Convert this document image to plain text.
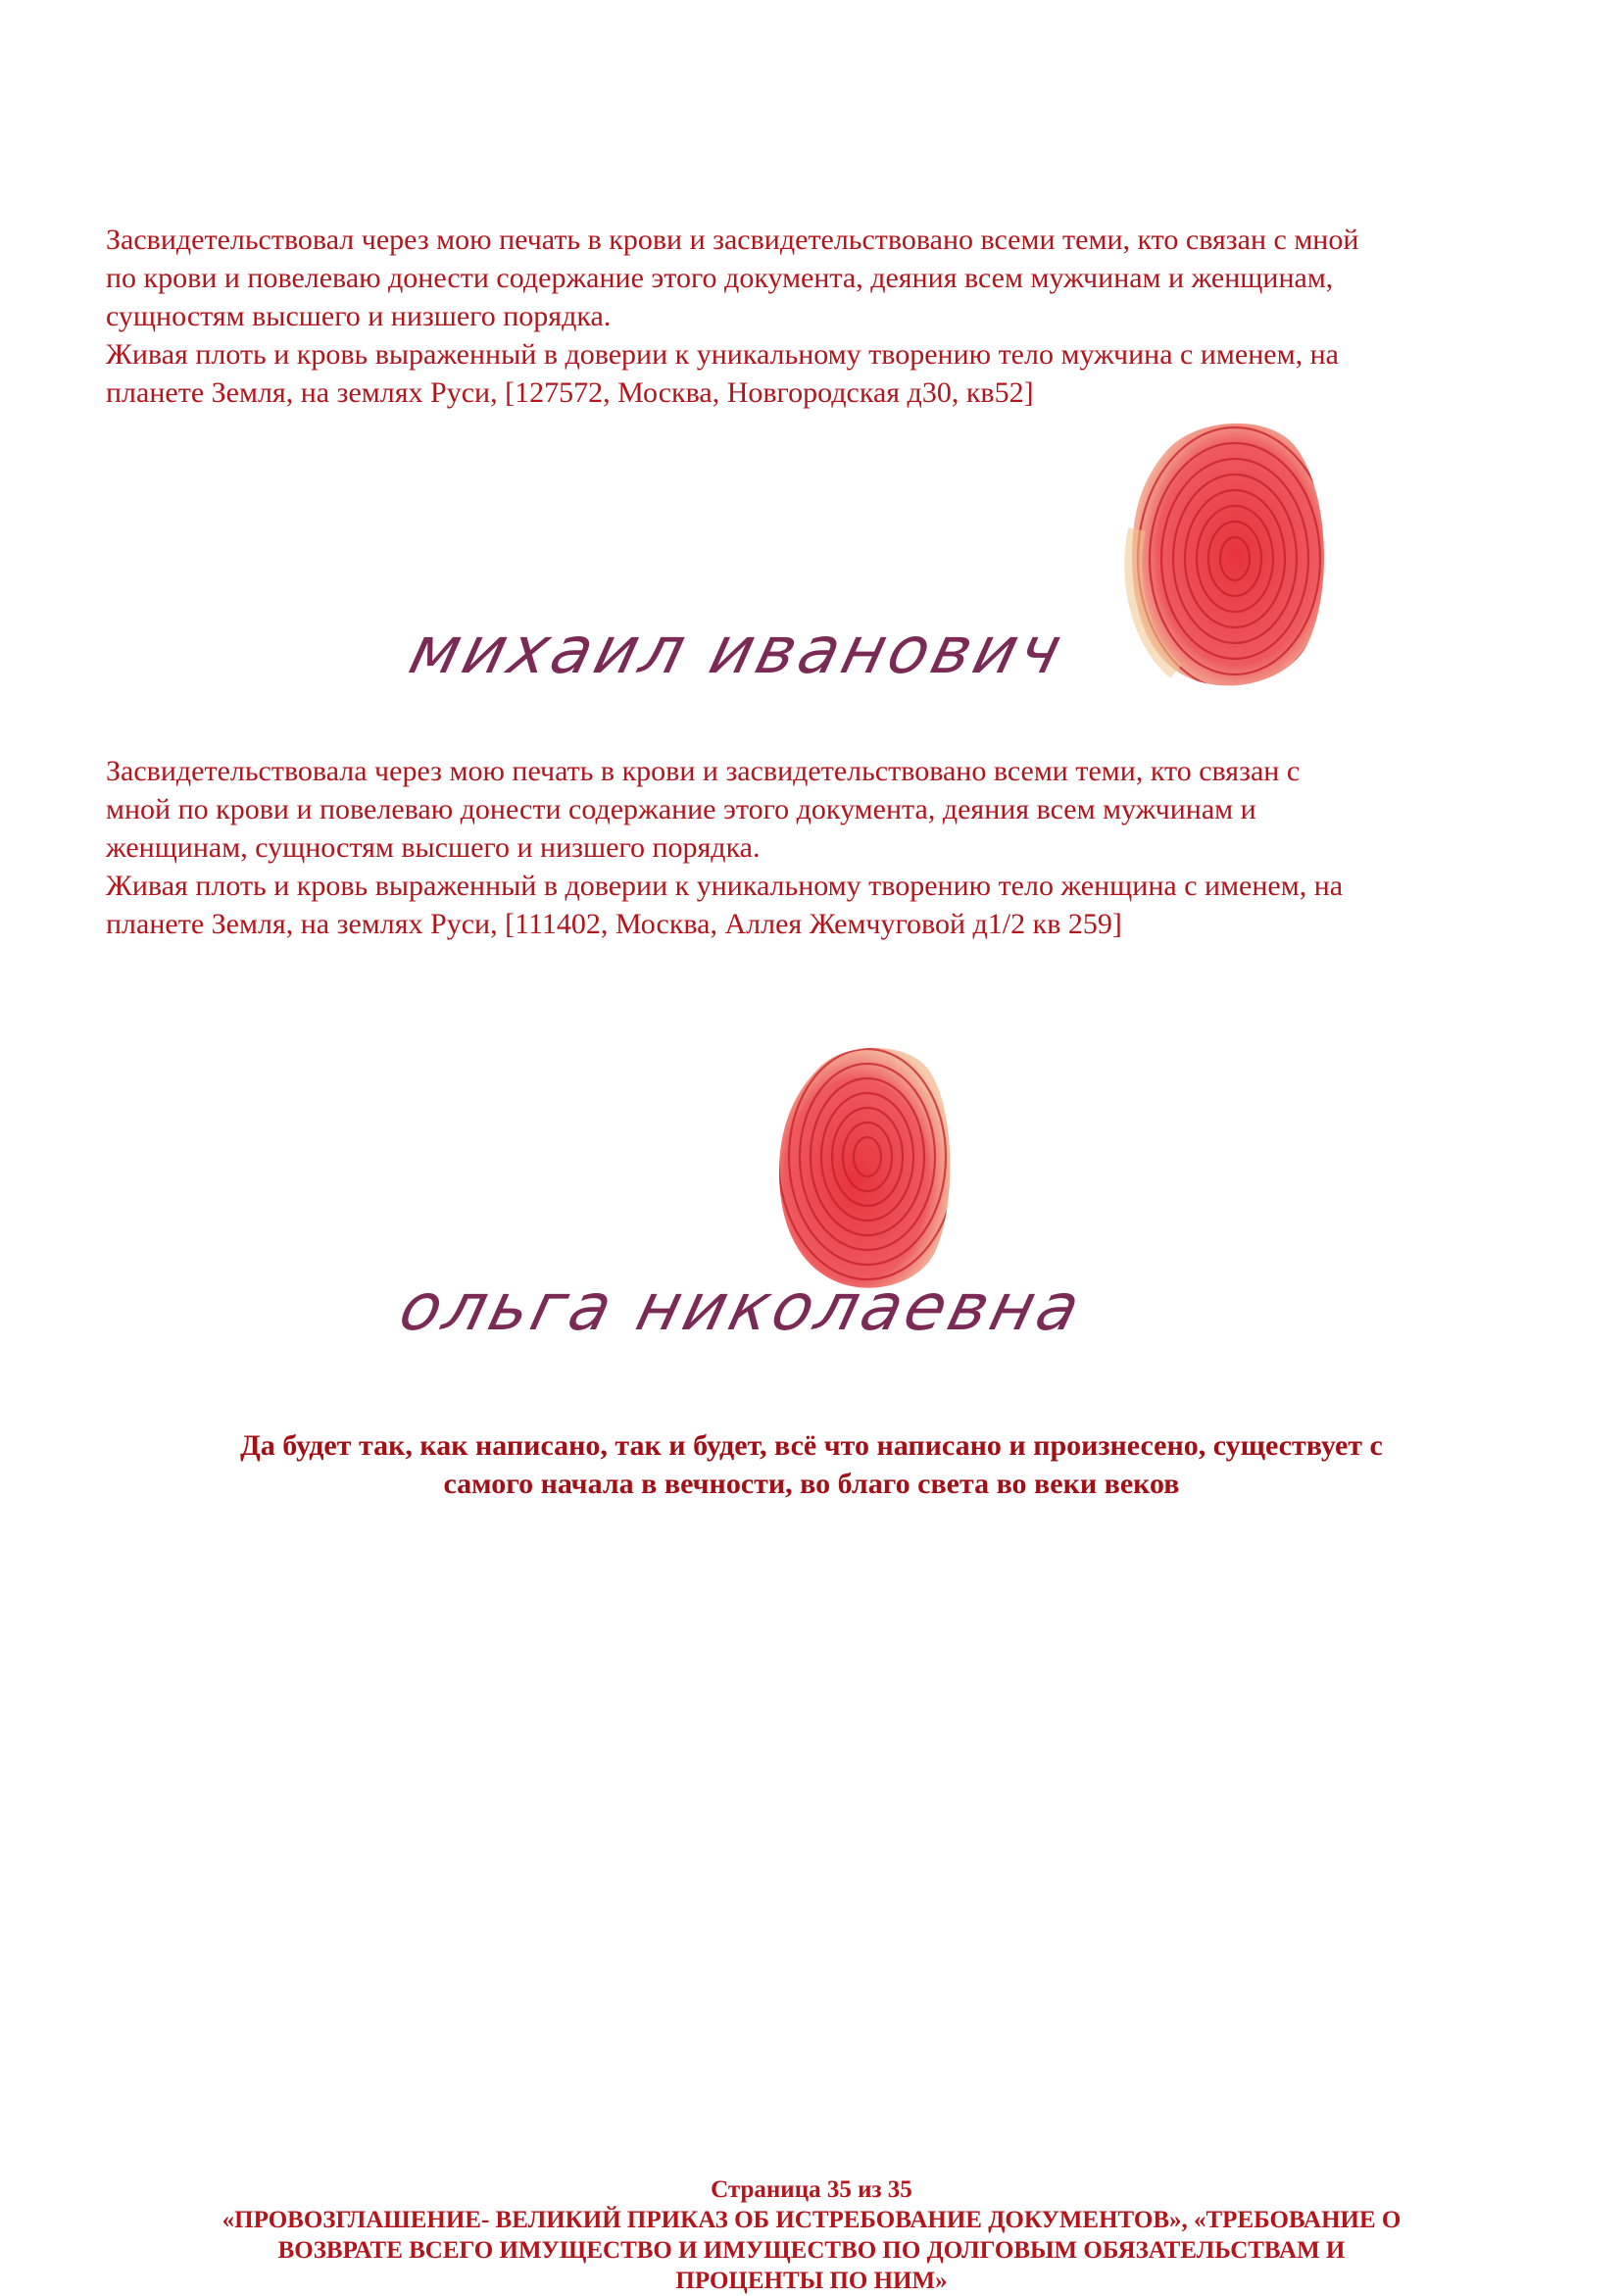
Засвидетельствовал через мою печать в крови и засвидетельствовано всеми теми, кто связан с мной

по крови и повелеваю донести содержание этого документа, деяния всем мужчинам и женщинам,

сущностям высшего и низшего порядка.

Живая плоть и кровь выраженный в доверии к уникальному творению тело мужчина с именем, на

планете Земля, на землях Руси, [127572, Москва, Новгородская д30, кв52]

михаил иванович

Засвидетельствовала через мою печать в крови и засвидетельствовано всеми теми, кто связан с

мной по крови и повелеваю донести содержание этого документа, деяния всем мужчинам и

женщинам, сущностям высшего и низшего порядка.

Живая плоть и кровь выраженный в доверии к уникальному творению тело женщина с именем, на

планете Земля, на землях Руси, [111402, Москва, Аллея Жемчуговой д1/2 кв 259]

ольга николаевна

Да будет так, как написано, так и будет, всё что написано и произнесено, существует с

самого начала в вечности, во благо света во веки веков

Страница 35 из 35

«ПРОВОЗГЛАШЕНИЕ- ВЕЛИКИЙ ПРИКАЗ ОБ ИСТРЕБОВАНИЕ ДОКУМЕНТОВ», «ТРЕБОВАНИЕ О

ВОЗВРАТЕ ВСЕГО ИМУЩЕСТВО И ИМУЩЕСТВО ПО ДОЛГОВЫМ ОБЯЗАТЕЛЬСТВАМ И

ПРОЦЕНТЫ ПО НИМ»
